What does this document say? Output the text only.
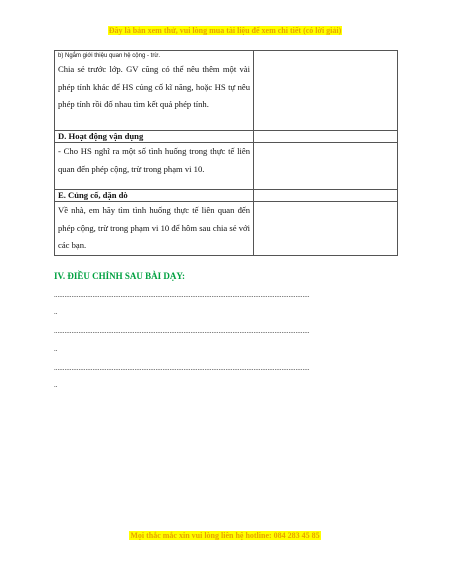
Đây là bản xem thử, vui lòng mua tài liệu để xem chi tiết (có lời giải)
b) Ngắm giới thiệu quan hệ cộng - trừ.
Chia sẻ trước lớp. GV cũng có thể nêu thêm một vài phép tính khác để HS củng cố kĩ năng, hoặc HS tự nêu phép tính rồi đố nhau tìm kết quả phép tính.	

D. Hoạt động vận dụng	

- Cho HS nghĩ ra một số tình huống trong thực tế liên quan đến phép cộng, trừ trong phạm vi 10.	

E. Củng cố, dặn dò	

Về nhà, em hãy tìm tình huống thực tế liên quan đến phép cộng, trừ trong phạm vi 10 để hôm sau chia sẻ với các bạn.	

IV. ĐIỀU CHỈNH SAU BÀI DẠY:
..................................................................................................................................................
..
..................................................................................................................................................
..
..................................................................................................................................................
..
Mọi thắc mắc xin vui lòng liên hệ hotline: 084 283 45 85
